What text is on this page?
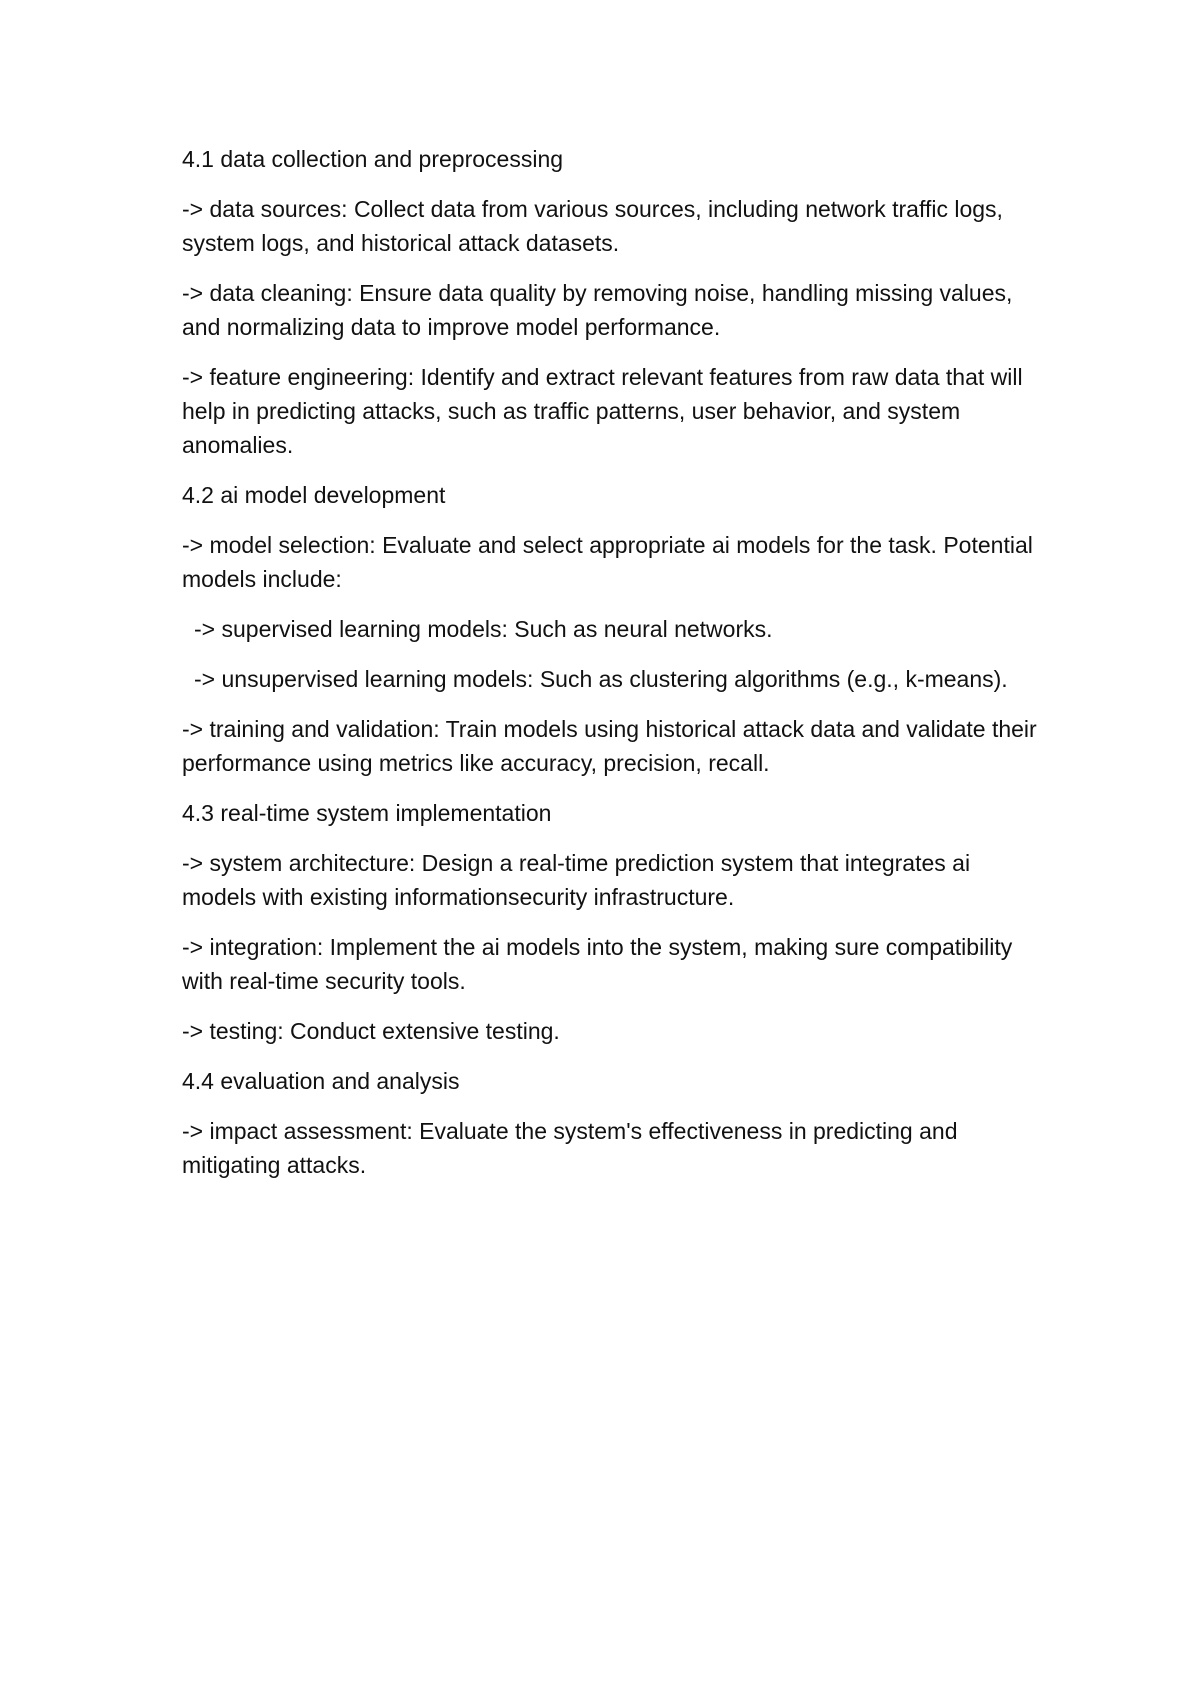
4.1 data collection and preprocessing

-> data sources: Collect data from various sources, including network traffic logs, system logs, and historical attack datasets.

-> data cleaning: Ensure data quality by removing noise, handling missing values, and normalizing data to improve model performance.

-> feature engineering: Identify and extract relevant features from raw data that will help in predicting attacks, such as traffic patterns, user behavior, and system anomalies.

4.2 ai model development

-> model selection: Evaluate and select appropriate ai models for the task. Potential models include:

-> supervised learning models: Such as neural networks.

-> unsupervised learning models: Such as clustering algorithms (e.g., k-means).

-> training and validation: Train models using historical attack data and validate their performance using metrics like accuracy, precision, recall.

4.3 real-time system implementation

-> system architecture: Design a real-time prediction system that integrates ai models with existing informationsecurity infrastructure.

-> integration: Implement the ai models into the system, making sure compatibility with real-time security tools.

-> testing: Conduct extensive testing.

4.4 evaluation and analysis

-> impact assessment: Evaluate the system's effectiveness in predicting and mitigating attacks.
